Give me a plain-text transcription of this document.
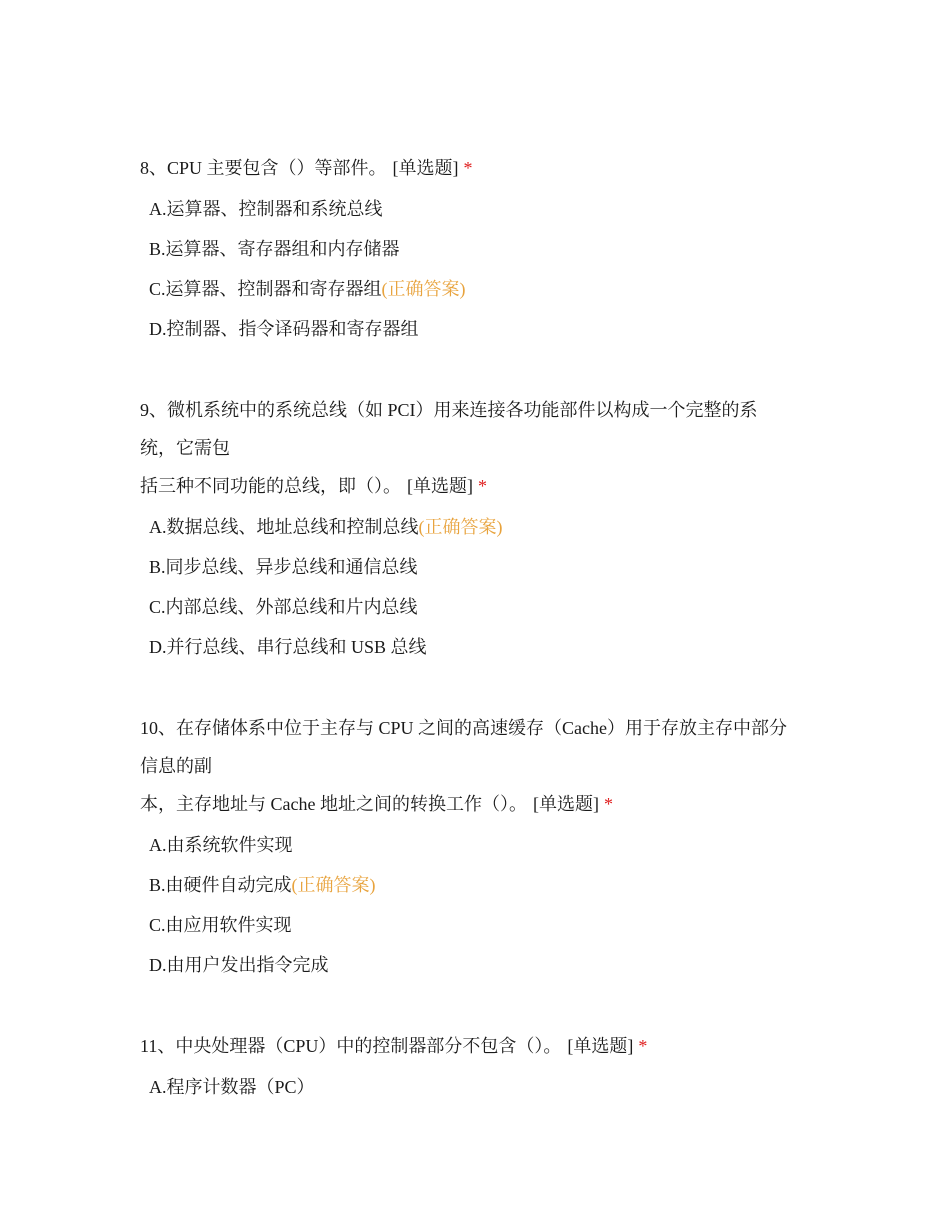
8、CPU 主要包含（）等部件。 [单选题] *
A.运算器、控制器和系统总线
B.运算器、寄存器组和内存储器
C.运算器、控制器和寄存器组(正确答案)
D.控制器、指令译码器和寄存器组
9、微机系统中的系统总线（如 PCI）用来连接各功能部件以构成一个完整的系
统，它需包
括三种不同功能的总线，即（）。 [单选题] *
A.数据总线、地址总线和控制总线(正确答案)
B.同步总线、异步总线和通信总线
C.内部总线、外部总线和片内总线
D.并行总线、串行总线和 USB 总线
10、在存储体系中位于主存与 CPU 之间的高速缓存（Cache）用于存放主存中部分
信息的副
本，主存地址与 Cache 地址之间的转换工作（）。 [单选题] *
A.由系统软件实现
B.由硬件自动完成(正确答案)
C.由应用软件实现
D.由用户发出指令完成
11、中央处理器（CPU）中的控制器部分不包含（）。 [单选题] *
A.程序计数器（PC）
